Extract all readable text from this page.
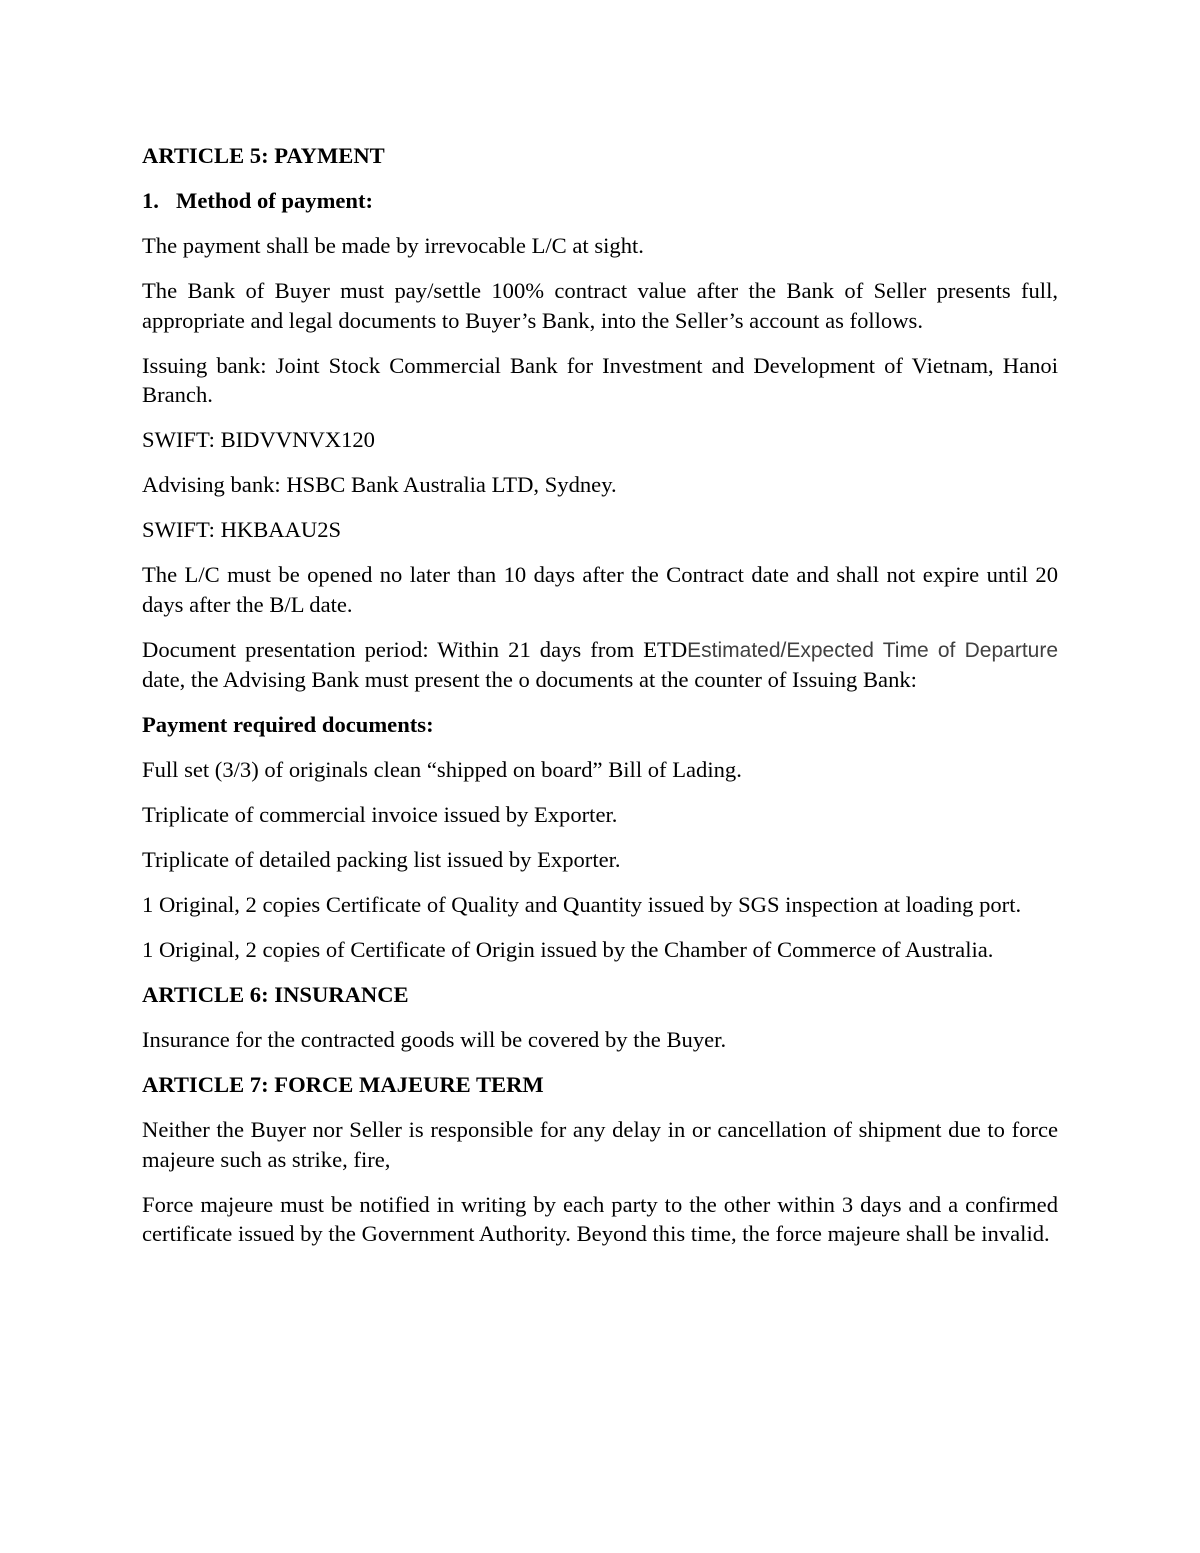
ARTICLE 5: PAYMENT

1. Method of payment:

The payment shall be made by irrevocable L/C at sight.

The Bank of Buyer must pay/settle 100% contract value after the Bank of Seller presents full, appropriate and legal documents to Buyer’s Bank, into the Seller’s account as follows.

Issuing bank: Joint Stock Commercial Bank for Investment and Development of Vietnam, Hanoi Branch.

SWIFT: BIDVVNVX120

Advising bank: HSBC Bank Australia LTD, Sydney.

SWIFT: HKBAAU2S

The L/C must be opened no later than 10 days after the Contract date and shall not expire until 20 days after the B/L date.

Document presentation period: Within 21 days from ETDEstimated/Expected Time of Departure date, the Advising Bank must present the o documents at the counter of Issuing Bank:

Payment required documents:

Full set (3/3) of originals clean “shipped on board” Bill of Lading.

Triplicate of commercial invoice issued by Exporter.

Triplicate of detailed packing list issued by Exporter.

1 Original, 2 copies Certificate of Quality and Quantity issued by SGS inspection at loading port.

1 Original, 2 copies of Certificate of Origin issued by the Chamber of Commerce of Australia.

ARTICLE 6: INSURANCE

Insurance for the contracted goods will be covered by the Buyer.

ARTICLE 7: FORCE MAJEURE TERM

Neither the Buyer nor Seller is responsible for any delay in or cancellation of shipment due to force majeure such as strike, fire,

Force majeure must be notified in writing by each party to the other within 3 days and a confirmed certificate issued by the Government Authority. Beyond this time, the force majeure shall be invalid.
